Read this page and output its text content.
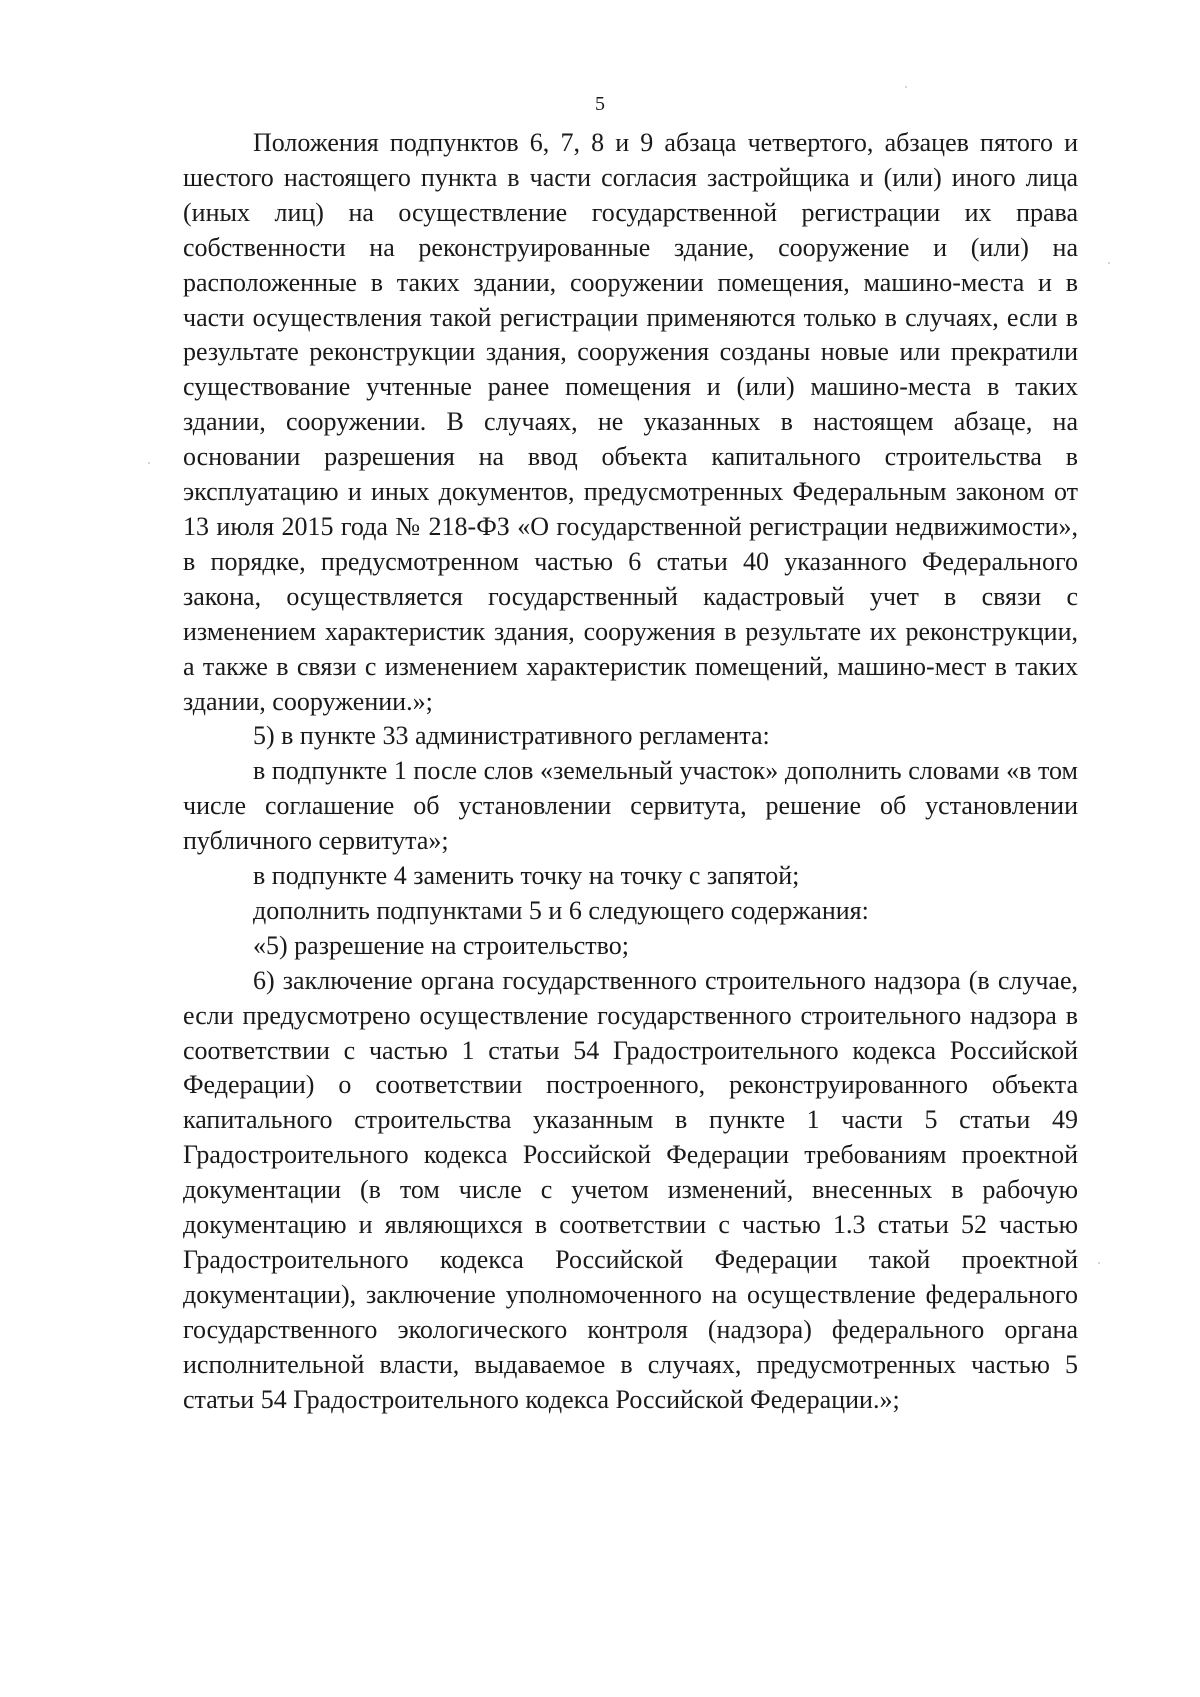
5

Положения подпунктов 6, 7, 8 и 9 абзаца четвертого, абзацев пятого и шестого настоящего пункта в части согласия застройщика и (или) иного лица (иных лиц) на осуществление государственной регистрации их права собственности на реконструированные здание, сооружение и (или) на расположенные в таких здании, сооружении помещения, машино-места и в части осуществления такой регистрации применяются только в случаях, если в результате реконструкции здания, сооружения созданы новые или прекратили существование учтенные ранее помещения и (или) машино-места в таких здании, сооружении. В случаях, не указанных в настоящем абзаце, на основании разрешения на ввод объекта капитального строительства в эксплуатацию и иных документов, предусмотренных Федеральным законом от 13 июля 2015 года № 218-ФЗ «О государственной регистрации недвижимости», в порядке, предусмотренном частью 6 статьи 40 указанного Федерального закона, осуществляется государственный кадастровый учет в связи с изменением характеристик здания, сооружения в результате их реконструкции, а также в связи с изменением характеристик помещений, машино-мест в таких здании, сооружении.»;

5) в пункте 33 административного регламента:

в подпункте 1 после слов «земельный участок» дополнить словами «в том числе соглашение об установлении сервитута, решение об установлении публичного сервитута»;

в подпункте 4 заменить точку на точку с запятой;

дополнить подпунктами 5 и 6 следующего содержания:

«5) разрешение на строительство;

6) заключение органа государственного строительного надзора (в случае, если предусмотрено осуществление государственного строительного надзора в соответствии с частью 1 статьи 54 Градостроительного кодекса Российской Федерации) о соответствии построенного, реконструированного объекта капитального строительства указанным в пункте 1 части 5 статьи 49 Градостроительного кодекса Российской Федерации требованиям проектной документации (в том числе с учетом изменений, внесенных в рабочую документацию и являющихся в соответствии с частью 1.3 статьи 52 частью Градостроительного кодекса Российской Федерации такой проектной документации), заключение уполномоченного на осуществление федерального государственного экологического контроля (надзора) федерального органа исполнительной власти, выдаваемое в случаях, предусмотренных частью 5 статьи 54 Градостроительного кодекса Российской Федерации.»;
